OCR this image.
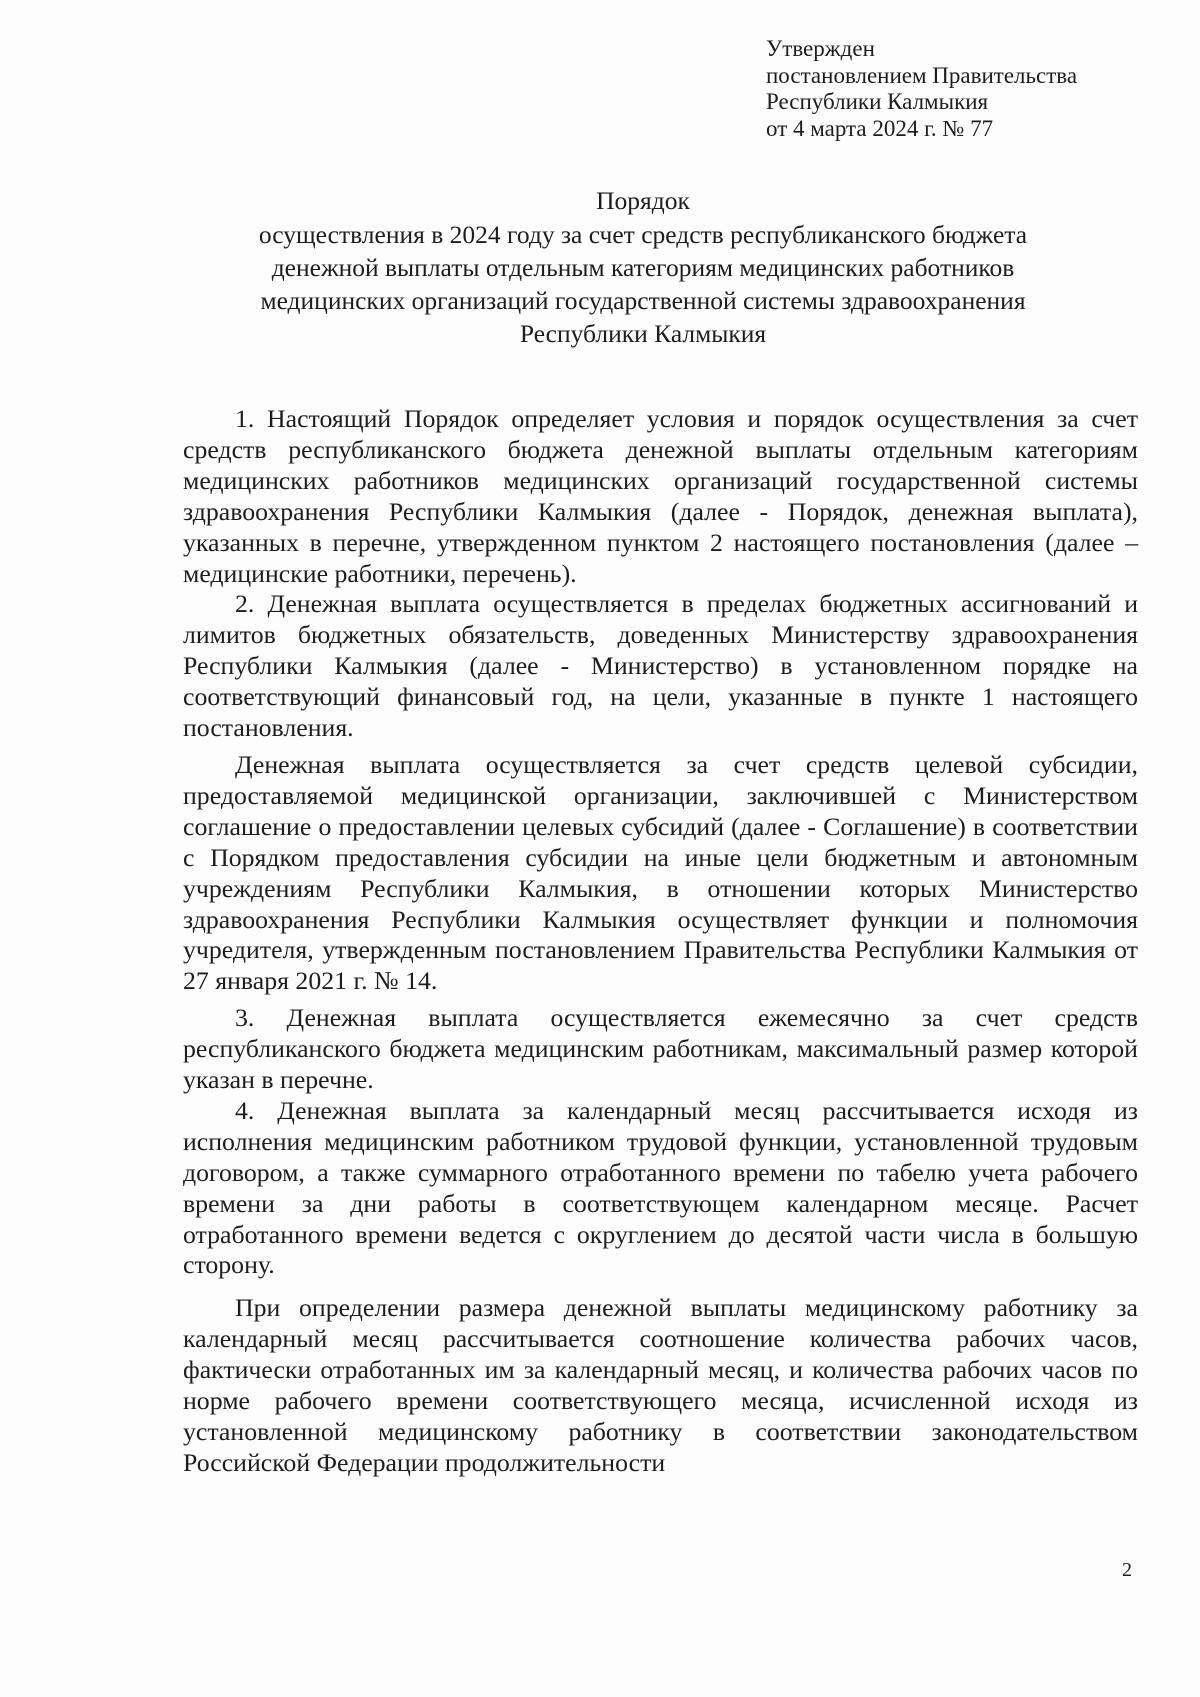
Утвержден
постановлением Правительства
Республики Калмыкия
от 4 марта 2024 г. № 77
Порядок
осуществления в 2024 году за счет средств республиканского бюджета
денежной выплаты отдельным категориям медицинских работников
медицинских организаций государственной системы здравоохранения
Республики Калмыкия

1. Настоящий Порядок определяет условия и порядок осуществления за счет средств республиканского бюджета денежной выплаты отдельным категориям медицинских работников медицинских организаций государственной системы здравоохранения Республики Калмыкия (далее - Порядок, денежная выплата), указанных в перечне, утвержденном пунктом 2 настоящего постановления (далее – медицинские работники, перечень).

2. Денежная выплата осуществляется в пределах бюджетных ассигнований и лимитов бюджетных обязательств, доведенных Министерству здравоохранения Республики Калмыкия (далее - Министерство) в установленном порядке на соответствующий финансовый год, на цели, указанные в пункте 1 настоящего постановления.

Денежная выплата осуществляется за счет средств целевой субсидии, предоставляемой медицинской организации, заключившей с Министерством соглашение о предоставлении целевых субсидий (далее - Соглашение) в соответствии с Порядком предоставления субсидии на иные цели бюджетным и автономным учреждениям Республики Калмыкия, в отношении которых Министерство здравоохранения Республики Калмыкия осуществляет функции и полномочия учредителя, утвержденным постановлением Правительства Республики Калмыкия от 27 января 2021 г. № 14.

3. Денежная выплата осуществляется ежемесячно за счет средств республиканского бюджета медицинским работникам, максимальный размер которой указан в перечне.

4. Денежная выплата за календарный месяц рассчитывается исходя из исполнения медицинским работником трудовой функции, установленной трудовым договором, а также суммарного отработанного времени по табелю учета рабочего времени за дни работы в соответствующем календарном месяце. Расчет отработанного времени ведется с округлением до десятой части числа в большую сторону.

При определении размера денежной выплаты медицинскому работнику за календарный месяц рассчитывается соотношение количества рабочих часов, фактически отработанных им за календарный месяц, и количества рабочих часов по норме рабочего времени соответствующего месяца, исчисленной исходя из установленной медицинскому работнику в соответствии законодательством Российской Федерации продолжительности

2
